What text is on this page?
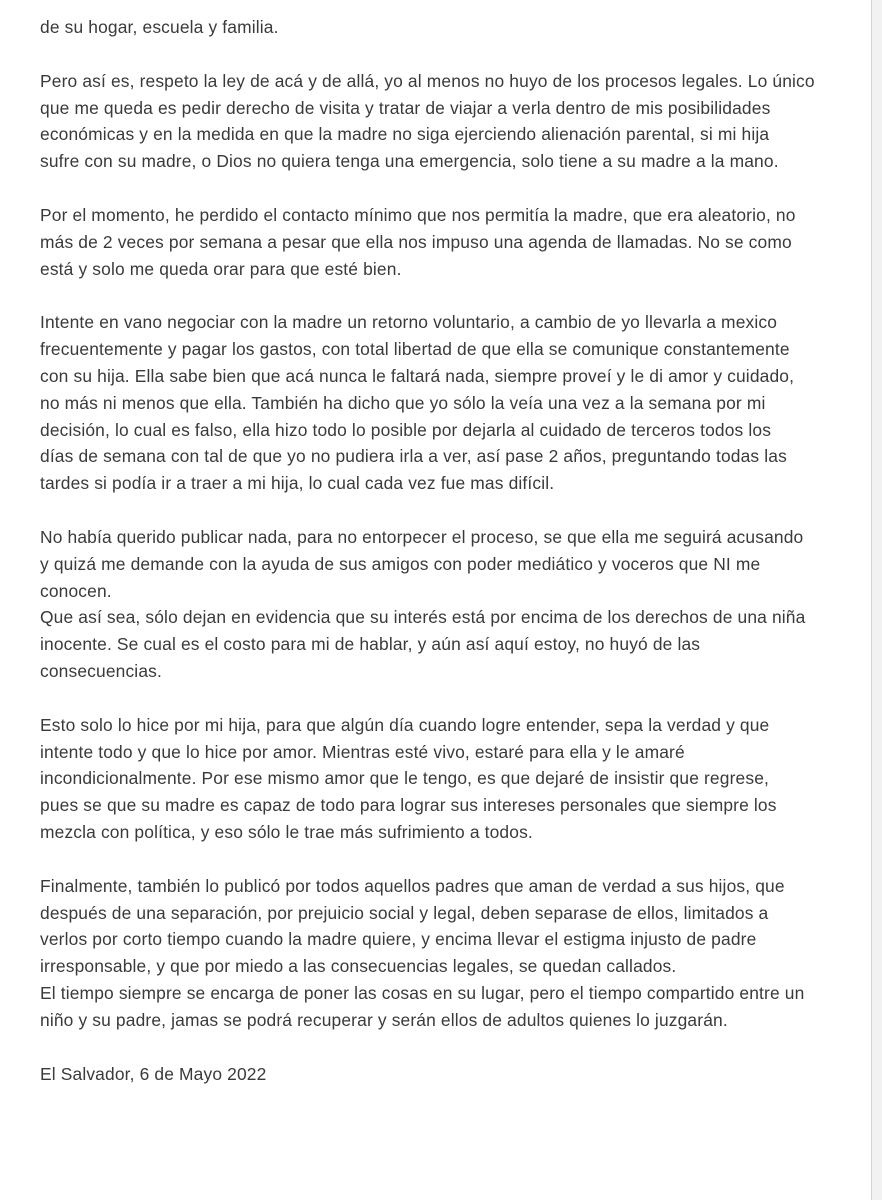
de su hogar, escuela y familia.

Pero así es, respeto la ley de acá y de allá, yo al menos no huyo de los procesos legales. Lo único
que me queda es pedir derecho de visita y tratar de viajar a verla dentro de mis posibilidades
económicas y en la medida en que la madre no siga ejerciendo alienación parental, si mi hija
sufre con su madre, o Dios no quiera tenga una emergencia, solo tiene a su madre a la mano.

Por el momento, he perdido el contacto mínimo que nos permitía la madre, que era aleatorio, no
más de 2 veces por semana a pesar que ella nos impuso una agenda de llamadas. No se como
está y solo me queda orar para que esté bien.

Intente en vano negociar con la madre un retorno voluntario, a cambio de yo llevarla a mexico
frecuentemente y pagar los gastos, con total libertad de que ella se comunique constantemente
con su hija. Ella sabe bien que acá nunca le faltará nada, siempre proveí y le di amor y cuidado,
no más ni menos que ella. También ha dicho que yo sólo la veía una vez a la semana por mi
decisión, lo cual es falso, ella hizo todo lo posible por dejarla al cuidado de terceros todos los
días de semana con tal de que yo no pudiera irla a ver, así pase 2 años, preguntando todas las
tardes si podía ir a traer a mi hija, lo cual cada vez fue mas difícil.

No había querido publicar nada, para no entorpecer el proceso, se que ella me seguirá acusando
y quizá me demande con la ayuda de sus amigos con poder mediático y voceros que NI me
conocen.
Que así sea, sólo dejan en evidencia que su interés está por encima de los derechos de una niña
inocente. Se cual es el costo para mi de hablar, y aún así aquí estoy, no huyó de las
consecuencias.

Esto solo lo hice por mi hija, para que algún día cuando logre entender, sepa la verdad y que
intente todo y que lo hice por amor. Mientras esté vivo, estaré para ella y le amaré
incondicionalmente. Por ese mismo amor que le tengo, es que dejaré de insistir que regrese,
pues se que su madre es capaz de todo para lograr sus intereses personales que siempre los
mezcla con política, y eso sólo le trae más sufrimiento a todos.

Finalmente, también lo publicó por todos aquellos padres que aman de verdad a sus hijos, que
después de una separación, por prejuicio social y legal, deben separase de ellos, limitados a
verlos por corto tiempo cuando la madre quiere, y encima llevar el estigma injusto de padre
irresponsable, y que por miedo a las consecuencias legales, se quedan callados.
El tiempo siempre se encarga de poner las cosas en su lugar, pero el tiempo compartido entre un
niño y su padre, jamas se podrá recuperar y serán ellos de adultos quienes lo juzgarán.

El Salvador, 6 de Mayo 2022
